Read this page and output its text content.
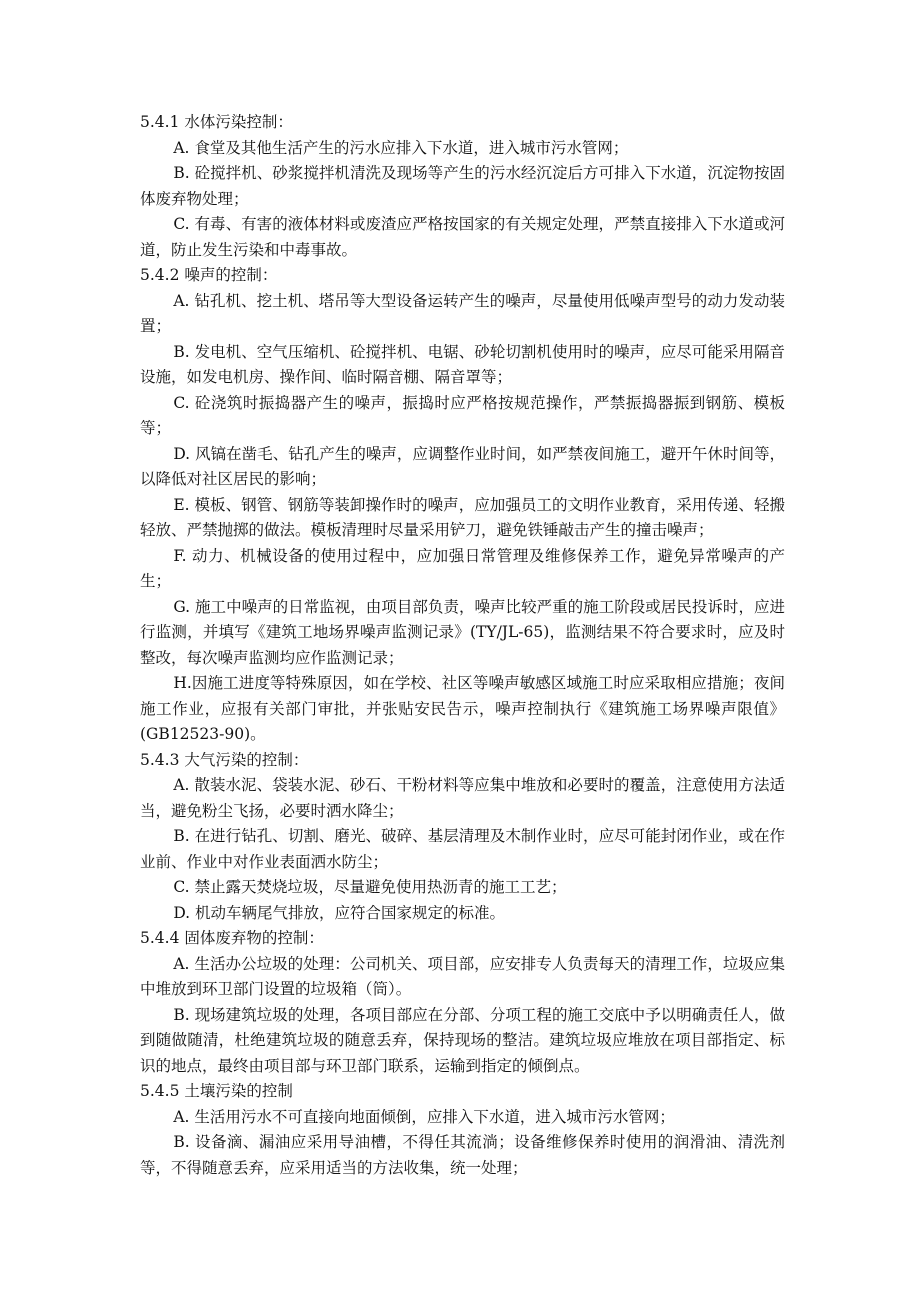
5.4.1 水体污染控制：

A. 食堂及其他生活产生的污水应排入下水道，进入城市污水管网；

B. 砼搅拌机、砂浆搅拌机清洗及现场等产生的污水经沉淀后方可排入下水道，沉淀物按固体废弃物处理；

C. 有毒、有害的液体材料或废渣应严格按国家的有关规定处理，严禁直接排入下水道或河道，防止发生污染和中毒事故。

5.4.2 噪声的控制：

A. 钻孔机、挖土机、塔吊等大型设备运转产生的噪声，尽量使用低噪声型号的动力发动装置；

B. 发电机、空气压缩机、砼搅拌机、电锯、砂轮切割机使用时的噪声，应尽可能采用隔音设施，如发电机房、操作间、临时隔音棚、隔音罩等；

C. 砼浇筑时振捣器产生的噪声，振捣时应严格按规范操作，严禁振捣器振到钢筋、模板等；

D. 风镐在凿毛、钻孔产生的噪声，应调整作业时间，如严禁夜间施工，避开午休时间等，以降低对社区居民的影响；

E. 模板、钢管、钢筋等装卸操作时的噪声，应加强员工的文明作业教育，采用传递、轻搬轻放、严禁抛掷的做法。模板清理时尽量采用铲刀，避免铁锤敲击产生的撞击噪声；

F. 动力、机械设备的使用过程中，应加强日常管理及维修保养工作，避免异常噪声的产生；

G. 施工中噪声的日常监视，由项目部负责，噪声比较严重的施工阶段或居民投诉时，应进行监测，并填写《建筑工地场界噪声监测记录》(TY/JL-65)，监测结果不符合要求时，应及时整改，每次噪声监测均应作监测记录；

H.因施工进度等特殊原因，如在学校、社区等噪声敏感区域施工时应采取相应措施；夜间施工作业，应报有关部门审批，并张贴安民告示，噪声控制执行《建筑施工场界噪声限值》(GB12523-90)。

5.4.3 大气污染的控制：

A. 散装水泥、袋装水泥、砂石、干粉材料等应集中堆放和必要时的覆盖，注意使用方法适当，避免粉尘飞扬，必要时洒水降尘；

B. 在进行钻孔、切割、磨光、破碎、基层清理及木制作业时，应尽可能封闭作业，或在作业前、作业中对作业表面洒水防尘；

C. 禁止露天焚烧垃圾，尽量避免使用热沥青的施工工艺；

D. 机动车辆尾气排放，应符合国家规定的标准。

5.4.4 固体废弃物的控制：

A. 生活办公垃圾的处理：公司机关、项目部，应安排专人负责每天的清理工作，垃圾应集中堆放到环卫部门设置的垃圾箱（筒）。

B. 现场建筑垃圾的处理，各项目部应在分部、分项工程的施工交底中予以明确责任人，做到随做随清，杜绝建筑垃圾的随意丢弃，保持现场的整洁。建筑垃圾应堆放在项目部指定、标识的地点，最终由项目部与环卫部门联系，运输到指定的倾倒点。

5.4.5 土壤污染的控制

A. 生活用污水不可直接向地面倾倒，应排入下水道，进入城市污水管网；

B. 设备滴、漏油应采用导油槽，不得任其流淌；设备维修保养时使用的润滑油、清洗剂等，不得随意丢弃，应采用适当的方法收集，统一处理；
